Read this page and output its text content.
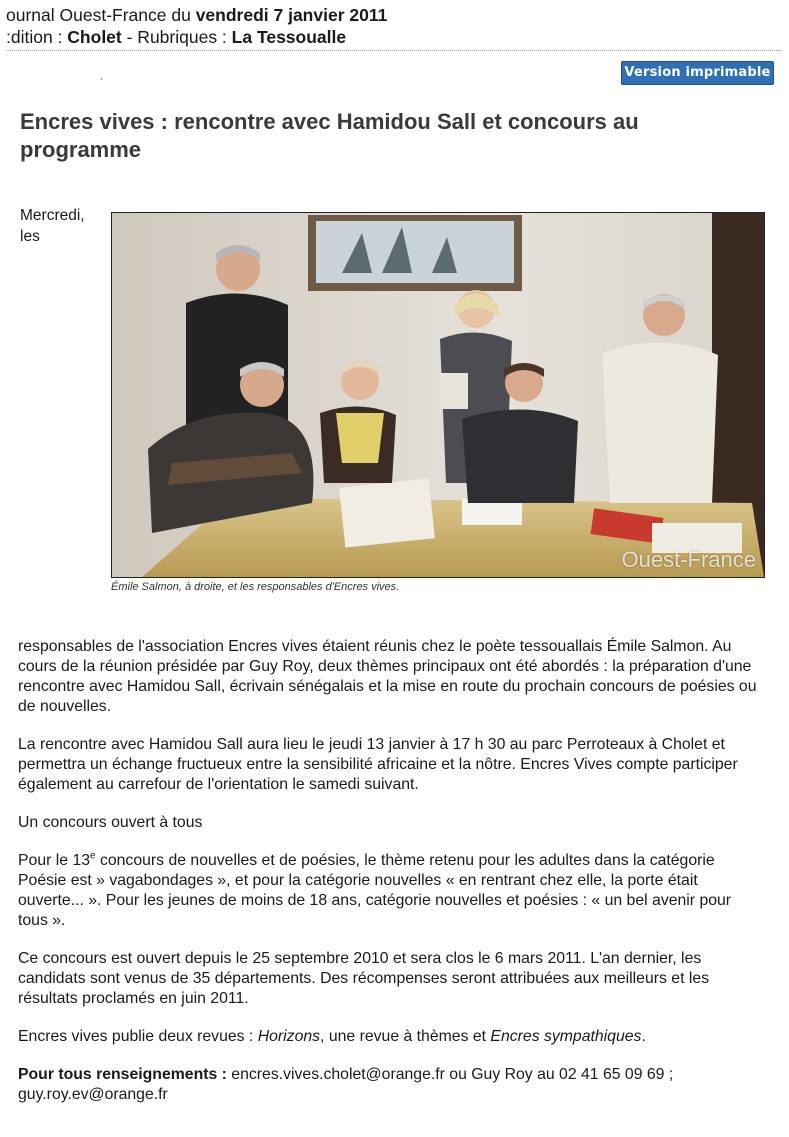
ournal Ouest-France du vendredi 7 janvier 2011
:dition : Cholet - Rubriques : La Tessoualle
¸	Version imprimable
Encres vives : rencontre avec Hamidou Sall et concours au programme

Mercredi, les

Ouest-France
Émile Salmon, à droite, et les responsables d'Encres vives.

responsables de l'association Encres vives étaient réunis chez le poète tessouallais Émile Salmon. Au cours de la réunion présidée par Guy Roy, deux thèmes principaux ont été abordés : la préparation d'une rencontre avec Hamidou Sall, écrivain sénégalais et la mise en route du prochain concours de poésies ou de nouvelles.

La rencontre avec Hamidou Sall aura lieu le jeudi 13 janvier à 17 h 30 au parc Perroteaux à Cholet et permettra un échange fructueux entre la sensibilité africaine et la nôtre. Encres Vives compte participer également au carrefour de l'orientation le samedi suivant.

Un concours ouvert à tous

Pour le 13e concours de nouvelles et de poésies, le thème retenu pour les adultes dans la catégorie Poésie est » vagabondages », et pour la catégorie nouvelles « en rentrant chez elle, la porte était ouverte... ». Pour les jeunes de moins de 18 ans, catégorie nouvelles et poésies : « un bel avenir pour tous ».

Ce concours est ouvert depuis le 25 septembre 2010 et sera clos le 6 mars 2011. L'an dernier, les candidats sont venus de 35 départements. Des récompenses seront attribuées aux meilleurs et les résultats proclamés en juin 2011.

Encres vives publie deux revues : Horizons, une revue à thèmes et Encres sympathiques.

Pour tous renseignements : encres.vives.cholet@orange.fr ou Guy Roy au 02 41 65 09 69 ; guy.roy.ev@orange.fr
